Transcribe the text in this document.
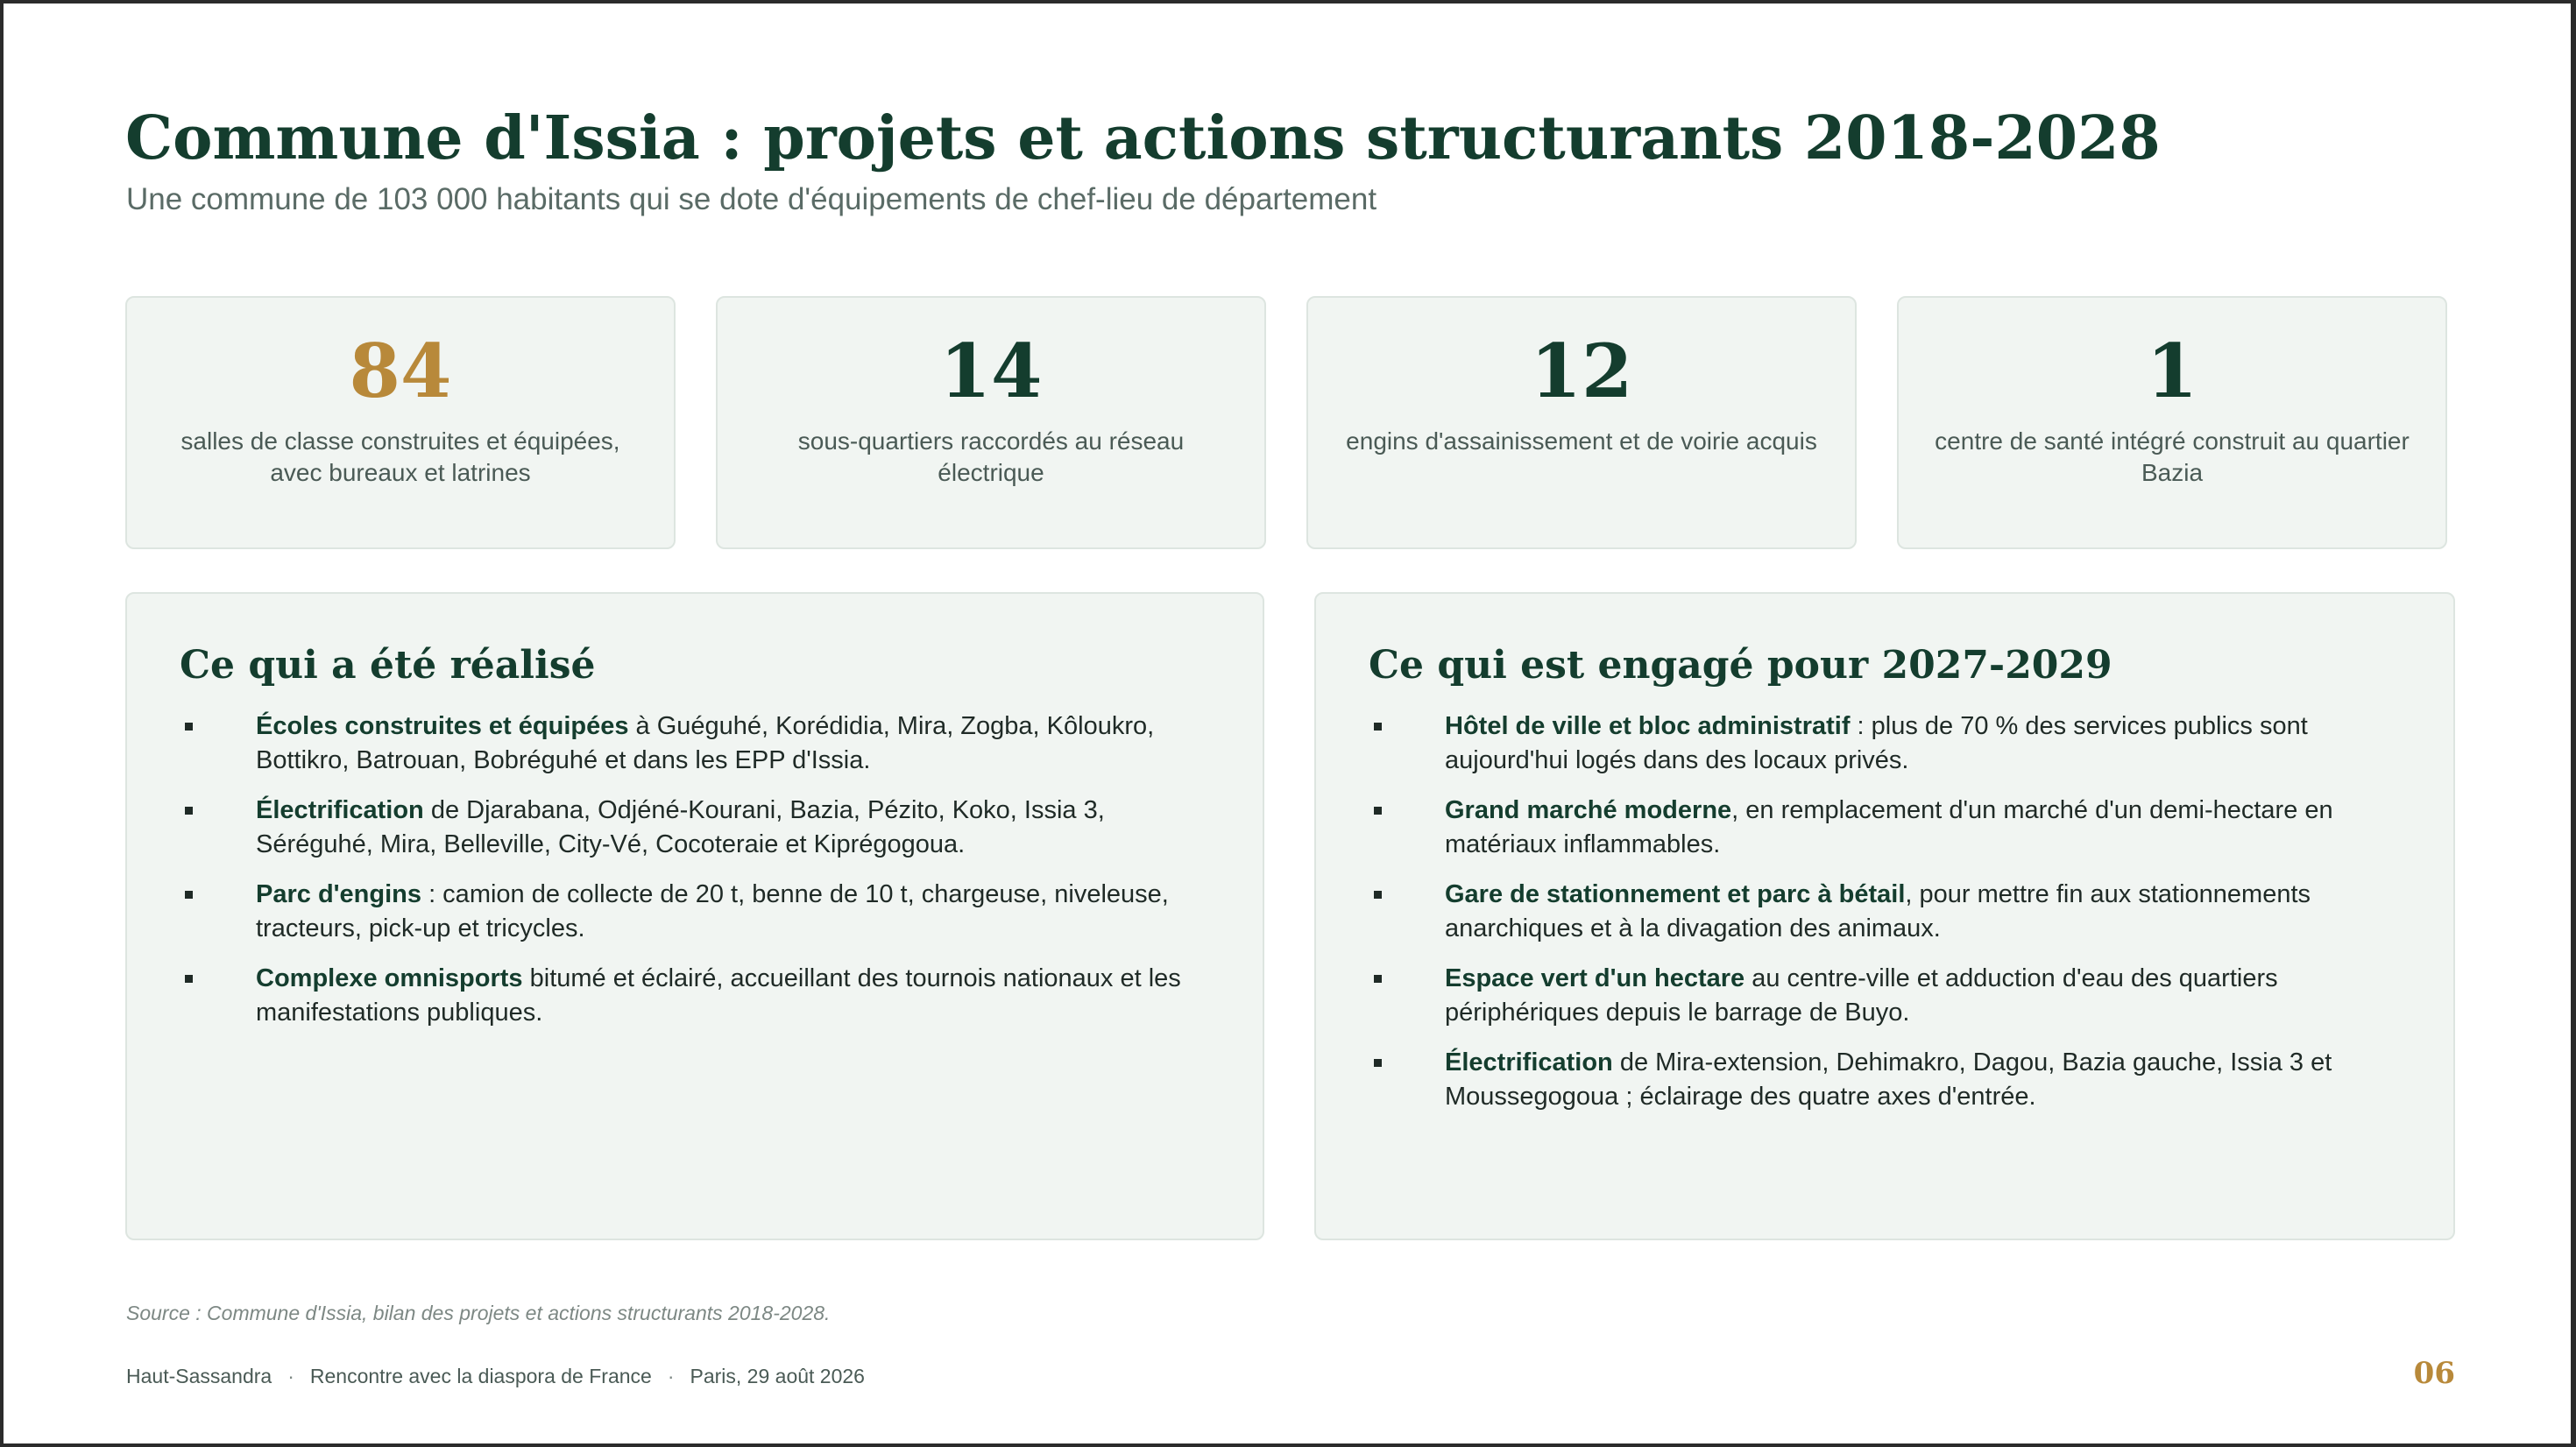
Commune d'Issia : projets et actions structurants 2018-2028

Une commune de 103 000 habitants qui se dote d'équipements de chef-lieu de département

84
salles de classe construites et équipées, avec bureaux et latrines
14
sous-quartiers raccordés au réseau électrique
12
engins d'assainissement et de voirie acquis
1
centre de santé intégré construit au quartier Bazia
Ce qui a été réalisé
Écoles construites et équipées à Guéguhé, Korédidia, Mira, Zogba, Kôloukro, Bottikro, Batrouan, Bobréguhé et dans les EPP d'Issia.
Électrification de Djarabana, Odjéné-Kourani, Bazia, Pézito, Koko, Issia 3, Séréguhé, Mira, Belleville, City-Vé, Cocoteraie et Kiprégogoua.
Parc d'engins : camion de collecte de 20 t, benne de 10 t, chargeuse, niveleuse, tracteurs, pick-up et tricycles.
Complexe omnisports bitumé et éclairé, accueillant des tournois nationaux et les manifestations publiques.
Ce qui est engagé pour 2027-2029
Hôtel de ville et bloc administratif : plus de 70 % des services publics sont aujourd'hui logés dans des locaux privés.
Grand marché moderne, en remplacement d'un marché d'un demi-hectare en matériaux inflammables.
Gare de stationnement et parc à bétail, pour mettre fin aux stationnements anarchiques et à la divagation des animaux.
Espace vert d'un hectare au centre-ville et adduction d'eau des quartiers périphériques depuis le barrage de Buyo.
Électrification de Mira-extension, Dehimakro, Dagou, Bazia gauche, Issia 3 et Moussegogoua ; éclairage des quatre axes d'entrée.

Source : Commune d'Issia, bilan des projets et actions structurants 2018-2028.

Haut-Sassandra · Rencontre avec la diaspora de France · Paris, 29 août 2026	06
